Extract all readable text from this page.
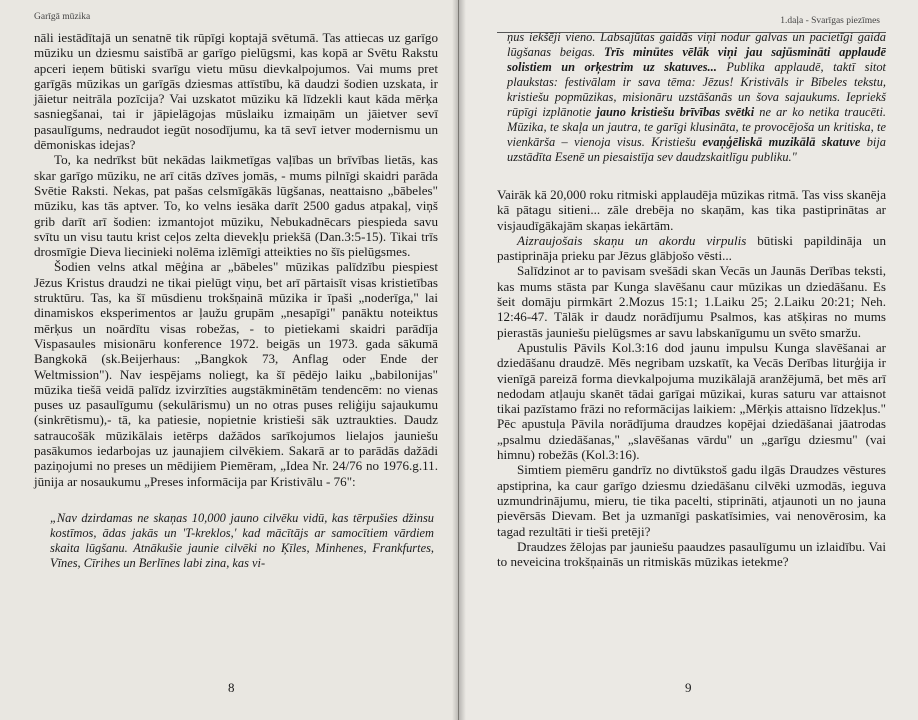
Garīgā mūzika

nāli iestādītajā un senatnē tik rūpīgi koptajā svētumā. Tas attiecas uz garīgo mūziku un dziesmu saistībā ar garīgo pielūgsmi, kas kopā ar Svētu Rakstu apceri ieņem būtiski svarīgu vietu mūsu dievkalpojumos. Vai mums pret garīgās mūzikas un garīgās dziesmas attīstību, kā daudzi šodien uzskata, ir jāietur neitrāla pozīcija? Vai uzskatot mūziku kā līdzekli kaut kāda mērķa sasniegšanai, tai ir jāpielāgojas mūslaiku izmaiņām un jāietver sevī pasaulīgums, nedraudot iegūt nosodījumu, ka tā sevī ietver modernismu un dēmoniskas idejas?

To, ka nedrīkst būt nekādas laikmetīgas vaļības un brīvības lietās, kas skar garīgo mūziku, ne arī citās dzīves jomās, - mums pilnīgi skaidri parāda Svētie Raksti. Nekas, pat pašas celsmīgākās lūgšanas, neattaisno „bābeles" mūziku, kas tās aptver. To, ko velns iesāka darīt 2500 gadus atpakaļ, viņš grib darīt arī šodien: izmantojot mūziku, Nebukadnēcars piespieda savu svītu un visu tautu krist ceļos zelta dievekļu priekšā (Dan.3:5-15). Tikai trīs drosmīgie Dieva liecinieki nolēma izlēmīgi atteikties no šīs pielūgsmes.

Šodien velns atkal mēģina ar „bābeles" mūzikas palīdzību piespiest Jēzus Kristus draudzi ne tikai pielūgt viņu, bet arī pārtaisīt visas kristietības struktūru. Tas, ka šī mūsdienu trokšņainā mūzika ir īpaši „noderīga," lai dinamiskos eksperimentos ar ļaužu grupām „nesapīgi" panāktu noteiktus mērķus un noārdītu visas robežas, - to pietiekami skaidri parādīja Vispasaules misionāru konference 1972. beigās un 1973. gada sākumā Bangkokā (sk.Beijerhaus: „Bangkok 73, Anflag oder Ende der Weltmission"). Nav iespējams noliegt, ka šī pēdējo laiku „babilonijas" mūzika tiešā veidā palīdz izvirzīties augstākminētām tendencēm: no vienas puses uz pasaulīgumu (sekulārismu) un no otras puses reliģiju sajaukumu (sinkrētismu),- tā, ka patiesie, nopietnie kristieši sāk uztraukties. Daudz satraucošāk mūzikālais ietērps dažādos sarīkojumos lielajos jauniešu pasākumos iedarbojas uz jaunajiem cilvēkiem. Sakarā ar to parādās dažādi paziņojumi no preses un mēdijiem Piemēram, „Idea Nr. 24/76 no 1976.g.11. jūnija ar nosaukumu „Preses informācija par Kristivālu - 76":

„Nav dzirdamas ne skaņas 10,000 jauno cilvēku vidū, kas tērpušies džinsu kostīmos, ādas jakās un 'T-kreklos,' kad mācītājs ar samocītiem vārdiem skaita lūgšanu. Atnākušie jaunie cilvēki no Ķīles, Minhenes, Frankfurtes, Vīnes, Cīrihes un Berlīnes labi zina, kas vi-

8
1.daļa - Svarīgas piezīmes

ņus iekšēji vieno. Labsajūtas gaidās viņi nodur galvas un pacietīgi gaida lūgšanas beigas. Trīs minūtes vēlāk viņi jau sajūsmināti applaudē solistiem un orķestrim uz skatuves... Publika applaudē, taktī sitot plaukstas: festivālam ir sava tēma: Jēzus! Kristivāls ir Bībeles tekstu, kristiešu popmūzikas, misionāru uzstāšanās un šovа sajaukums. Iepriekš rūpīgi izplānotie jauno kristiešu brīvības svētki ne ar ko netika traucēti. Mūzika, te skaļa un jautra, te garīgi klusināta, te provocējoša un kritiska, te vienkārša – vienoja visus. Kristiešu evaņģēliskā muzikālā skatuve bija uzstādīta Esenē un piesaistīja sev daudzskaitlīgu publiku."

Vairāk kā 20,000 roku ritmiski applaudēja mūzikas ritmā. Tas viss skanēja kā pātagu sitieni... zāle drebēja no skaņām, kas tika pastiprinātas ar visjaudīgākajām skaņas iekārtām.

Aizraujošais skaņu un akordu virpulis būtiski papildināja un pastiprināja prieku par Jēzus glābjošo vēsti...

Salīdzinot ar to pavisam svešādi skan Vecās un Jaunās Derības teksti, kas mums stāsta par Kunga slavēšanu caur mūzikas un dziedāšanu. Es šeit domāju pirmkārt 2.Mozus 15:1; 1.Laiku 25; 2.Laiku 20:21; Neh. 12:46-47. Tālāk ir daudz norādījumu Psalmos, kas atšķiras no mums pierastās jauniešu pielūgsmes ar savu labskanīgumu un svēto smaržu.

Apustulis Pāvils Kol.3:16 dod jaunu impulsu Kunga slavēšanai ar dziedāšanu draudzē. Mēs negribam uzskatīt, ka Vecās Derības liturģija ir vienīgā pareizā forma dievkalpojuma muzikālajā aranžējumā, bet mēs arī nedodam atļauju skanēt tādai garīgai mūzikai, kuras saturu var attaisnot tikai pazīstamo frāzi no reformācijas laikiem: „Mērķis attaisno līdzekļus." Pēc apustuļa Pāvila norādījuma draudzes kopējai dziedāšanai jāatrodas „psalmu dziedāšanas," „slavēšanas vārdu" un „garīgu dziesmu" (vai himnu) robežās (Kol.3:16).

Simtiem piemēru gandrīz no divtūkstoš gadu ilgās Draudzes vēstures apstiprina, ka caur garīgo dziesmu dziedāšanu cilvēki uzmodās, ieguva uzmundrinājumu, mieru, tie tika pacelti, stiprināti, atjaunoti un no jauna pievērsās Dievam. Bet ja uzmanīgi paskatīsimies, vai nenovērosim, ka tagad rezultāti ir tieši pretēji?

Draudzes žēlojas par jauniešu paaudzes pasaulīgumu un izlaidību. Vai to neveicina trokšņainās un ritmiskās mūzikas ietekme?

9
